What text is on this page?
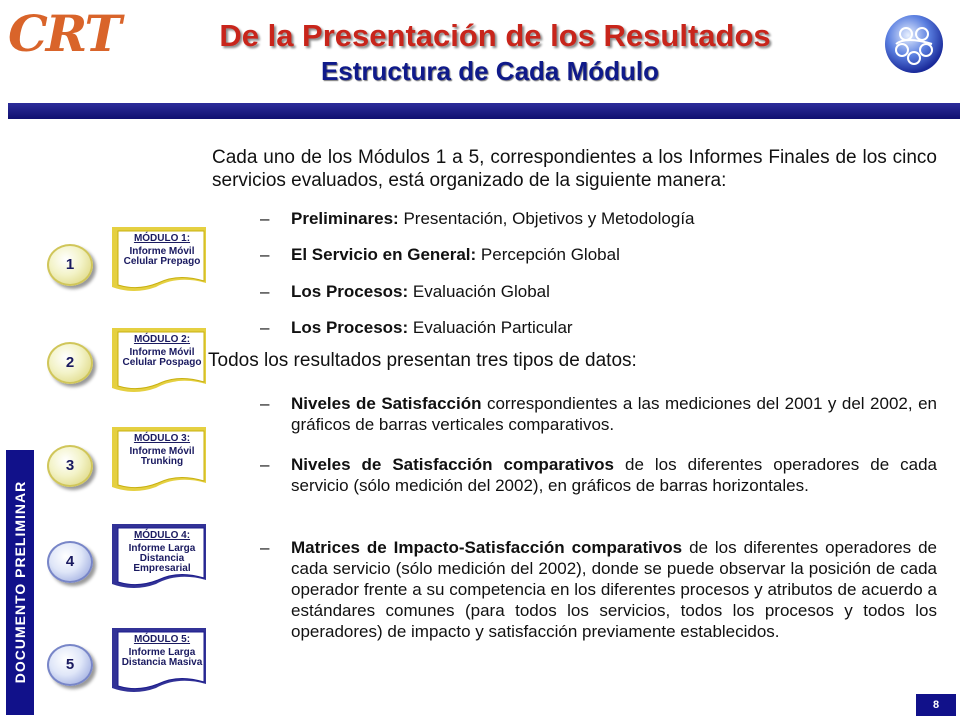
CRT	De la Presentación de los Resultados
Estructura de Cada Módulo
DOCUMENTO PRELIMINAR
1
2
3
4
5
MÓDULO 1:
Informe Móvil Celular Prepago
MÓDULO 2:
Informe Móvil Celular Pospago
MÓDULO 3:
Informe Móvil Trunking
MÓDULO 4:
Informe Larga Distancia Empresarial
MÓDULO 5:
Informe Larga Distancia Masiva
Cada uno de los Módulos 1 a 5, correspondientes a los Informes Finales de los cinco servicios evaluados, está organizado de la siguiente manera:
– Preliminares: Presentación, Objetivos y Metodología
– El Servicio en General: Percepción Global
– Los Procesos: Evaluación Global
– Los Procesos: Evaluación Particular
Todos los resultados presentan tres tipos de datos:
– Niveles de Satisfacción correspondientes a las mediciones del 2001 y del 2002, en gráficos de barras verticales comparativos.
– Niveles de Satisfacción comparativos de los diferentes operadores de cada servicio (sólo medición del 2002), en gráficos de barras horizontales.
– Matrices de Impacto-Satisfacción comparativos de los diferentes operadores de cada servicio (sólo medición del 2002), donde se puede observar la posición de cada operador frente a su competencia en los diferentes procesos y atributos de acuerdo a estándares comunes (para todos los servicios, todos los procesos y todos los operadores) de impacto y satisfacción previamente establecidos.
8
